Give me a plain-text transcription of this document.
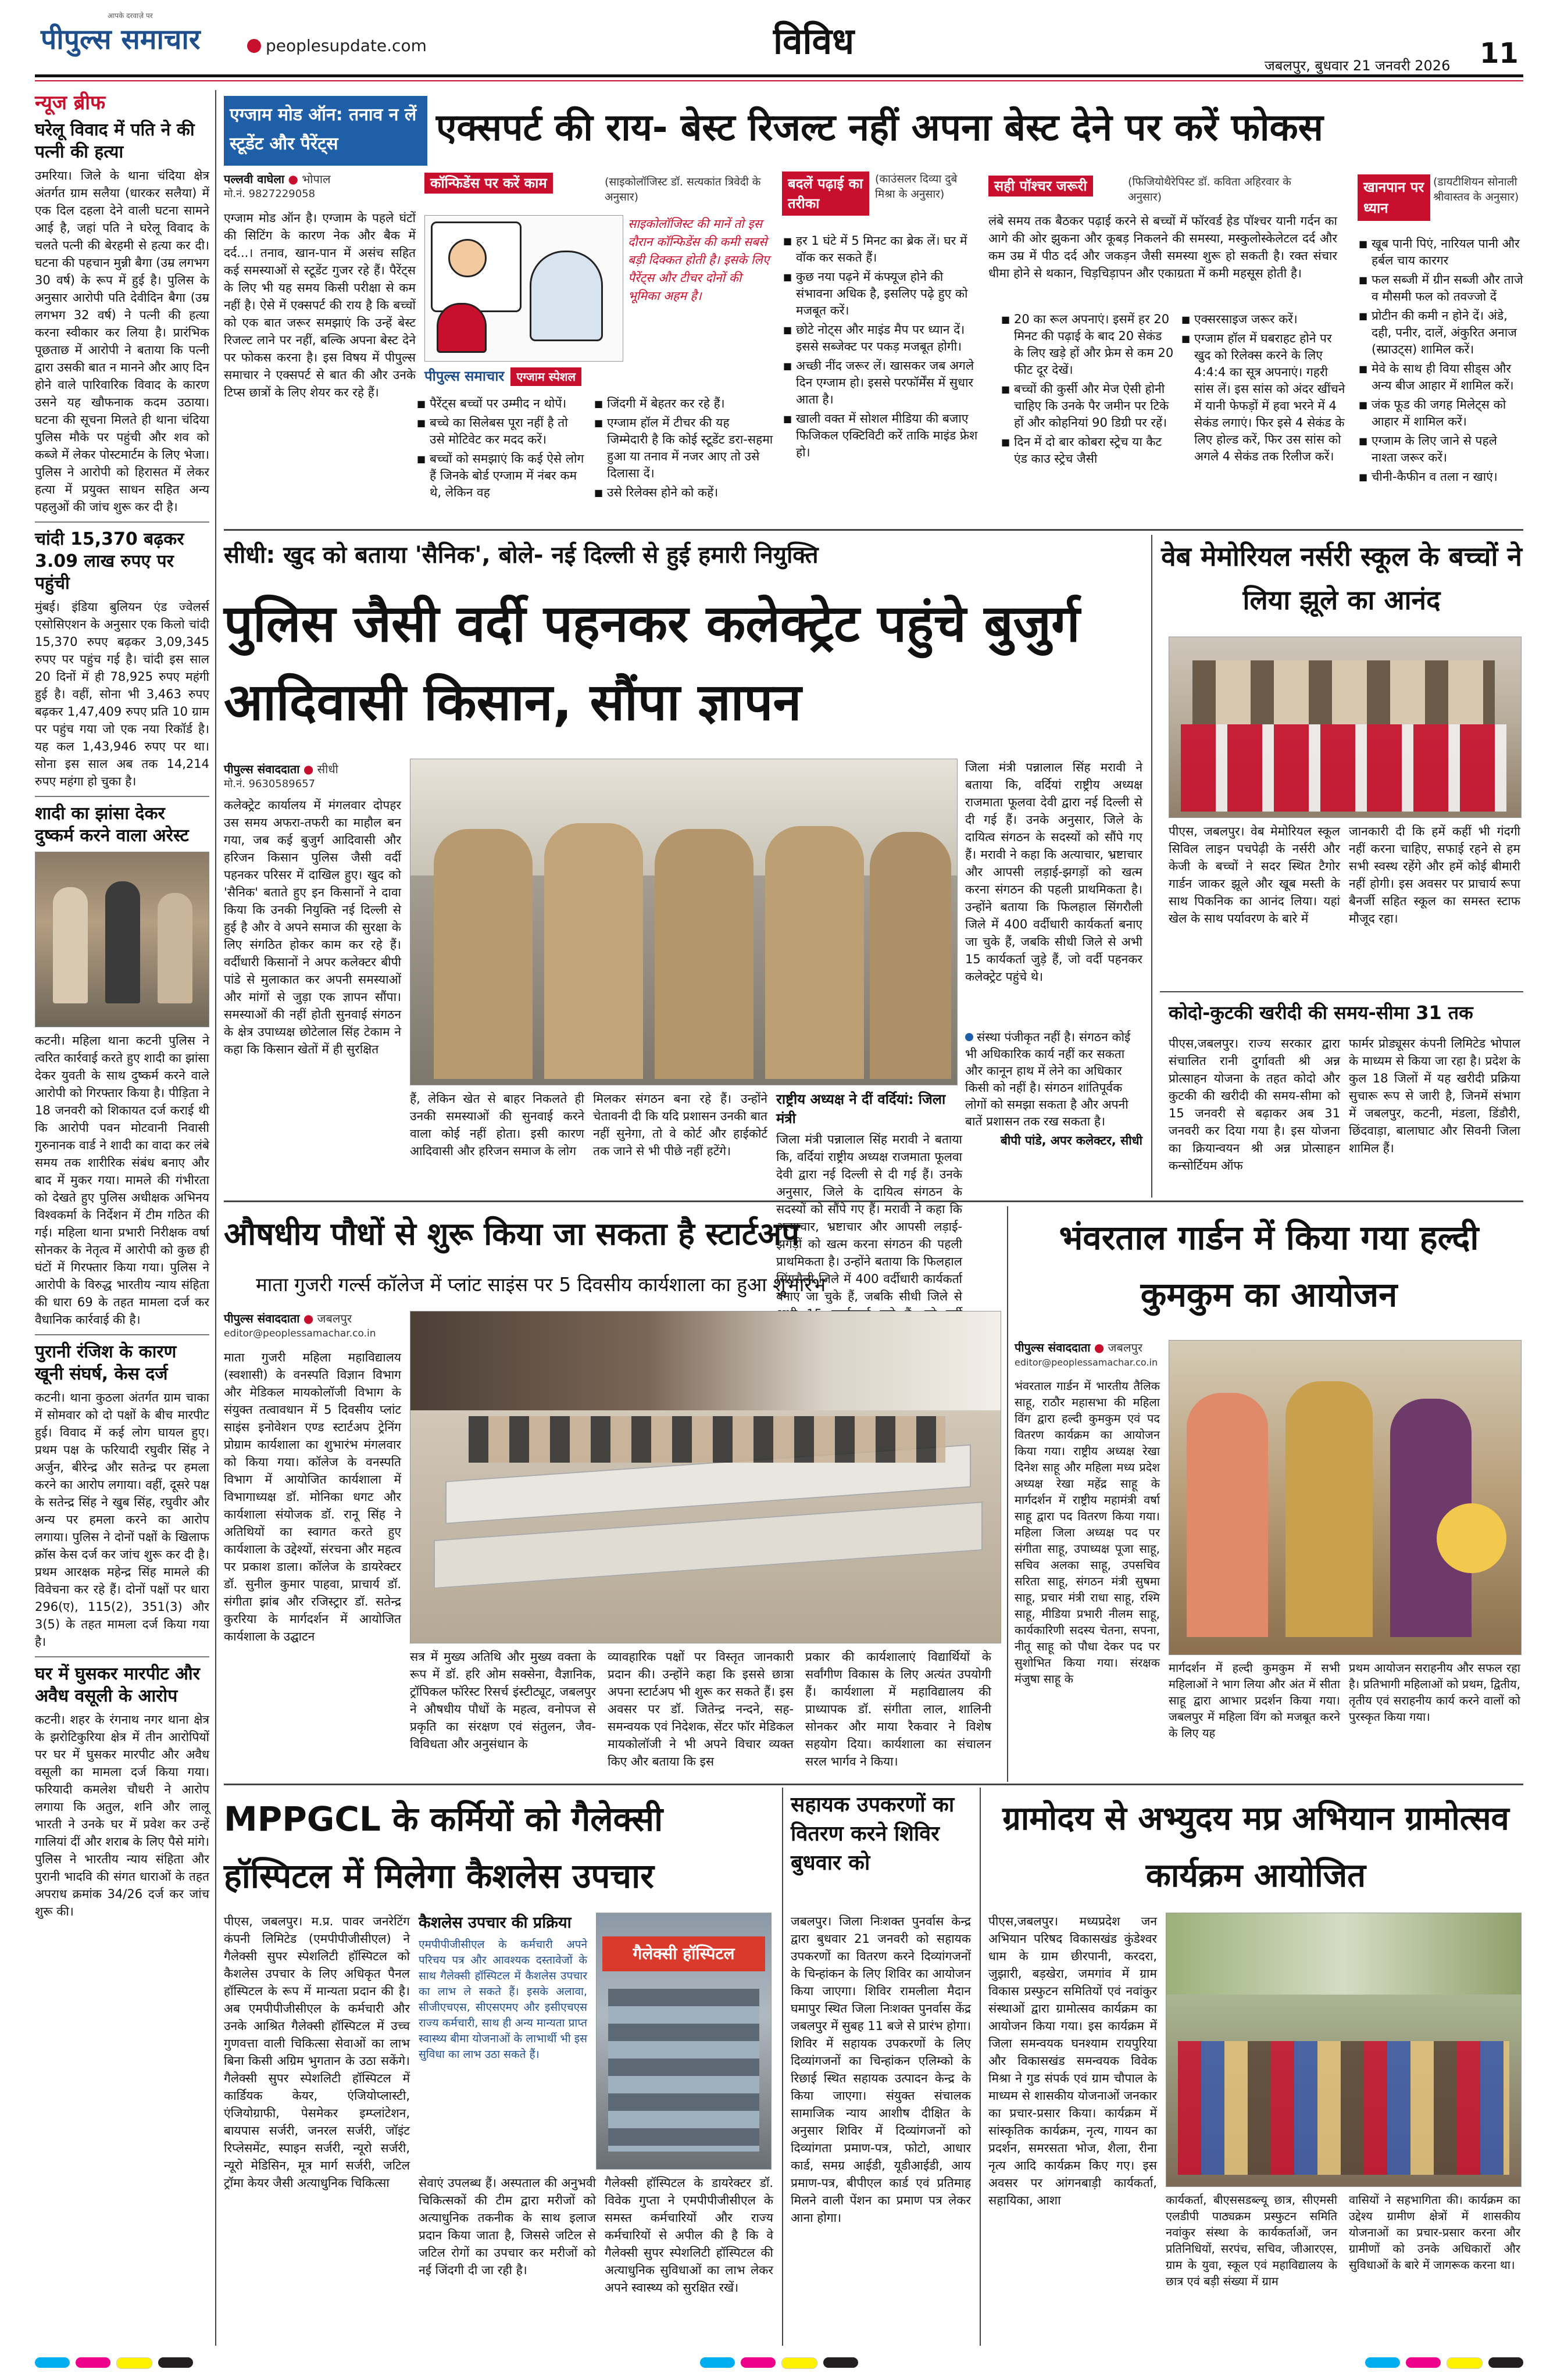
आपके दरवाज़े पर
पीपुल्स समाचार	peoplesupdate.com	विविध
जबलपुर, बुधवार 21 जनवरी 2026 11
न्यूज ब्रीफ
घरेलू विवाद में पति ने की पत्नी की हत्या
उमरिया। जिले के थाना चंदिया क्षेत्र अंतर्गत ग्राम सलैया (धारकर सलैया) में एक दिल दहला देने वाली घटना सामने आई है, जहां पति ने घरेलू विवाद के चलते पत्नी की बेरहमी से हत्या कर दी। घटना की पहचान मुन्नी बैगा (उम्र लगभग 30 वर्ष) के रूप में हुई है। पुलिस के अनुसार आरोपी पति देवीदिन बैगा (उम्र लगभग 32 वर्ष) ने पत्नी की हत्या करना स्वीकार कर लिया है। प्रारंभिक पूछताछ में आरोपी ने बताया कि पत्नी द्वारा उसकी बात न मानने और आए दिन होने वाले पारिवारिक विवाद के कारण उसने यह खौफनाक कदम उठाया। घटना की सूचना मिलते ही थाना चंदिया पुलिस मौके पर पहुंची और शव को कब्जे में लेकर पोस्टमार्टम के लिए भेजा। पुलिस ने आरोपी को हिरासत में लेकर हत्या में प्रयुक्त साधन सहित अन्य पहलुओं की जांच शुरू कर दी है।
चांदी 15,370 बढ़कर 3.09 लाख रुपए पर पहुंची
मुंबई। इंडिया बुलियन एंड ज्वेलर्स एसोसिएशन के अनुसार एक किलो चांदी 15,370 रुपए बढ़कर 3,09,345 रुपए पर पहुंच गई है। चांदी इस साल 20 दिनों में ही 78,925 रुपए महंगी हुई है। वहीं, सोना भी 3,463 रुपए बढ़कर 1,47,409 रुपए प्रति 10 ग्राम पर पहुंच गया जो एक नया रिकॉर्ड है। यह कल 1,43,946 रुपए पर था। सोना इस साल अब तक 14,214 रुपए महंगा हो चुका है।
शादी का झांसा देकर दुष्कर्म करने वाला अरेस्ट
कटनी। महिला थाना कटनी पुलिस ने त्वरित कार्रवाई करते हुए शादी का झांसा देकर युवती के साथ दुष्कर्म करने वाले आरोपी को गिरफ्तार किया है। पीड़िता ने 18 जनवरी को शिकायत दर्ज कराई थी कि आरोपी पवन मोटवानी निवासी गुरुनानक वार्ड ने शादी का वादा कर लंबे समय तक शारीरिक संबंध बनाए और बाद में मुकर गया। मामले की गंभीरता को देखते हुए पुलिस अधीक्षक अभिनय विश्वकर्मा के निर्देशन में टीम गठित की गई। महिला थाना प्रभारी निरीक्षक वर्षा सोनकर के नेतृत्व में आरोपी को कुछ ही घंटों में गिरफ्तार किया गया। पुलिस ने आरोपी के विरुद्ध भारतीय न्याय संहिता की धारा 69 के तहत मामला दर्ज कर वैधानिक कार्रवाई की है।
पुरानी रंजिश के कारण खूनी संघर्ष, केस दर्ज
कटनी। थाना कुठला अंतर्गत ग्राम चाका में सोमवार को दो पक्षों के बीच मारपीट हुई। विवाद में कई लोग घायल हुए। प्रथम पक्ष के फरियादी रघुवीर सिंह ने अर्जुन, बीरेन्द्र और सतेन्द्र पर हमला करने का आरोप लगाया। वहीं, दूसरे पक्ष के सतेन्द्र सिंह ने खुब सिंह, रघुवीर और अन्य पर हमला करने का आरोप लगाया। पुलिस ने दोनों पक्षों के खिलाफ क्रॉस केस दर्ज कर जांच शुरू कर दी है। प्रथम आरक्षक महेन्द्र सिंह मामले की विवेचना कर रहे हैं। दोनों पक्षों पर धारा 296(ए), 115(2), 351(3) और 3(5) के तहत मामला दर्ज किया गया है।
घर में घुसकर मारपीट और अवैध वसूली के आरोप
कटनी। शहर के रंगनाथ नगर थाना क्षेत्र के झरोटिकुरिया क्षेत्र में तीन आरोपियों पर घर में घुसकर मारपीट और अवैध वसूली का मामला दर्ज किया गया। फरियादी कमलेश चौधरी ने आरोप लगाया कि अतुल, शनि और लालू भारती ने उनके घर में प्रवेश कर उन्हें गालियां दीं और शराब के लिए पैसे मांगे। पुलिस ने भारतीय न्याय संहिता और पुरानी भादवि की संगत धाराओं के तहत अपराध क्रमांक 34/26 दर्ज कर जांच शुरू की।
एग्जाम मोड ऑन: तनाव न लें स्टूडेंट और पैरेंट्स	एक्सपर्ट की राय- बेस्ट रिजल्ट नहीं अपना बेस्ट देने पर करें फोकस
पल्लवी वाघेला ● भोपाल
मो.नं. 9827229058
एग्जाम मोड ऑन है। एग्जाम के पहले घंटों की सिटिंग के कारण नेक और बैक में दर्द...। तनाव, खान-पान में असंच सहित कई समस्याओं से स्टूडेंट गुजर रहे हैं। पैरेंट्स के लिए भी यह समय किसी परीक्षा से कम नहीं है। ऐसे में एक्सपर्ट की राय है कि बच्चों को एक बात जरूर समझाएं कि उन्हें बेस्ट रिजल्ट लाने पर नहीं, बल्कि अपना बेस्ट देने पर फोकस करना है। इस विषय में पीपुल्स समाचार ने एक्सपर्ट से बात की और उनके टिप्स छात्रों के लिए शेयर कर रहे हैं।
कॉन्फिडेंस पर करें काम	(साइकोलॉजिस्ट डॉ. सत्यकांत त्रिवेदी के अनुसार)
पीपुल्स समाचार एग्जाम स्पेशल
साइकोलॉजिस्ट की मानें तो इस दौरान कॉन्फिडेंस की कमी सबसे बड़ी दिक्कत होती है। इसके लिए पैरेंट्स और टीचर दोनों की भूमिका अहम है।
■ पैरेंट्स बच्चों पर उम्मीद न थोपें।
■ बच्चे का सिलेबस पूरा नहीं है तो उसे मोटिवेट कर मदद करें।
■ बच्चों को समझाएं कि कई ऐसे लोग हैं जिनके बोर्ड एग्जाम में नंबर कम थे, लेकिन वह
■ जिंदगी में बेहतर कर रहे हैं।
■ एग्जाम हॉल में टीचर की यह जिम्मेदारी है कि कोई स्टूडेंट डरा-सहमा हुआ या तनाव में नजर आए तो उसे दिलासा दें।
■ उसे रिलेक्स होने को कहें।
बदलें पढ़ाई का तरीका
(काउंसलर दिव्या दुबे मिश्रा के अनुसार)
■ हर 1 घंटे में 5 मिनट का ब्रेक लें। घर में वॉक कर सकते हैं।
■ कुछ नया पढ़ने में कंफ्यूज होने की संभावना अधिक है, इसलिए पढ़े हुए को मजबूत करें।
■ छोटे नोट्स और माइंड मैप पर ध्यान दें। इससे सब्जेक्ट पर पकड़ मजबूत होगी।
■ अच्छी नींद जरूर लें। खासकर जब अगले दिन एग्जाम हो। इससे परफॉर्मेंस में सुधार आता है।
■ खाली वक्त में सोशल मीडिया की बजाए फिजिकल एक्टिविटी करें ताकि माइंड फ्रेश हो।
सही पॉश्चर जरूरी	(फिजियोथैरेपिस्ट डॉ. कविता अहिरवार के अनुसार)
लंबे समय तक बैठकर पढ़ाई करने से बच्चों में फॉरवर्ड हेड पॉश्चर यानी गर्दन का आगे की ओर झुकना और कूबड़ निकलने की समस्या, मस्कुलोस्केलेटल दर्द और कम उम्र में पीठ दर्द और जकड़न जैसी समस्या शुरू हो सकती है। रक्त संचार धीमा होने से थकान, चिड़चिड़ापन और एकाग्रता में कमी महसूस होती है।
■ 20 का रूल अपनाएं। इसमें हर 20 मिनट की पढ़ाई के बाद 20 सेकंड के लिए खड़े हों और फ्रेम से कम 20 फीट दूर देखें।
■ बच्चों की कुर्सी और मेज ऐसी होनी चाहिए कि उनके पैर जमीन पर टिके हों और कोहनियां 90 डिग्री पर रहें।
■ दिन में दो बार कोबरा स्ट्रेच या कैट एंड काउ स्ट्रेच जैसी
■ एक्सरसाइज जरूर करें।
■ एग्जाम हॉल में घबराहट होने पर खुद को रिलेक्स करने के लिए 4:4:4 का सूत्र अपनाएं। गहरी सांस लें। इस सांस को अंदर खींचने में यानी फेफड़ों में हवा भरने में 4 सेकंड लगाएं। फिर इसे 4 सेकंड के लिए होल्ड करें, फिर उस सांस को अगले 4 सेकंड तक रिलीज करें।
खानपान पर ध्यान
(डायटीशियन सोनाली श्रीवास्तव के अनुसार)
■ खूब पानी पिएं, नारियल पानी और हर्बल चाय कारगर
■ फल सब्जी में ग्रीन सब्जी और ताजे व मौसमी फल को तवज्जो दें
■ प्रोटीन की कमी न होने दें। अंडे, दही, पनीर, दालें, अंकुरित अनाज (स्प्राउट्स) शामिल करें।
■ मेवे के साथ ही विया सीड्स और अन्य बीज आहार में शामिल करें।
■ जंक फूड की जगह मिलेट्स को आहार में शामिल करें।
■ एग्जाम के लिए जाने से पहले नाश्ता जरूर करें।
■ चीनी-कैफीन व तला न खाएं।
सीधी: खुद को बताया 'सैनिक', बोले- नई दिल्ली से हुई हमारी नियुक्ति
पुलिस जैसी वर्दी पहनकर कलेक्ट्रेट पहुंचे बुजुर्ग आदिवासी किसान, सौंपा ज्ञापन
पीपुल्स संवाददाता ● सीधी
मो.नं. 9630589657
कलेक्ट्रेट कार्यालय में मंगलवार दोपहर उस समय अफरा-तफरी का माहौल बन गया, जब कई बुजुर्ग आदिवासी और हरिजन किसान पुलिस जैसी वर्दी पहनकर परिसर में दाखिल हुए। खुद को 'सैनिक' बताते हुए इन किसानों ने दावा किया कि उनकी नियुक्ति नई दिल्ली से हुई है और वे अपने समाज की सुरक्षा के लिए संगठित होकर काम कर रहे हैं। वर्दीधारी किसानों ने अपर कलेक्टर बीपी पांडे से मुलाकात कर अपनी समस्याओं और मांगों से जुड़ा एक ज्ञापन सौंपा। समस्याओं की नहीं होती सुनवाई संगठन के क्षेत्र उपाध्यक्ष छोटेलाल सिंह टेकाम ने कहा कि किसान खेतों में ही सुरक्षित
हैं, लेकिन खेत से बाहर निकलते ही उनकी समस्याओं की सुनवाई करने वाला कोई नहीं होता। इसी कारण आदिवासी और हरिजन समाज के लोग
मिलकर संगठन बना रहे हैं। उन्होंने चेतावनी दी कि यदि प्रशासन उनकी बात नहीं सुनेगा, तो वे कोर्ट और हाईकोर्ट तक जाने से भी पीछे नहीं हटेंगे।
राष्ट्रीय अध्यक्ष ने दीं वर्दियां: जिला मंत्री
जिला मंत्री पन्नालाल सिंह मरावी ने बताया कि, वर्दियां राष्ट्रीय अध्यक्ष राजमाता फूलवा देवी द्वारा नई दिल्ली से दी गई हैं। उनके अनुसार, जिले के दायित्व संगठन के सदस्यों को सौंपे गए हैं। मरावी ने कहा कि अत्याचार, भ्रष्टाचार और आपसी लड़ाई-झगड़ों को खत्म करना संगठन की पहली प्राथमिकता है। उन्होंने बताया कि फिलहाल सिंगरौली जिले में 400 वर्दीधारी कार्यकर्ता बनाए जा चुके हैं, जबकि सीधी जिले से
जिला मंत्री पन्नालाल सिंह मरावी ने बताया कि, वर्दियां राष्ट्रीय अध्यक्ष राजमाता फूलवा देवी द्वारा नई दिल्ली से दी गई हैं। उनके अनुसार, जिले के दायित्व संगठन के सदस्यों को सौंपे गए हैं। मरावी ने कहा कि अत्याचार, भ्रष्टाचार और आपसी लड़ाई-झगड़ों को खत्म करना संगठन की पहली प्राथमिकता है। उन्होंने बताया कि फिलहाल सिंगरौली जिले में 400 वर्दीधारी कार्यकर्ता बनाए जा चुके हैं, जबकि सीधी जिले से अभी 15 कार्यकर्ता जुड़े हैं, जो वर्दी पहनकर कलेक्ट्रेट पहुंचे थे।
संस्था पंजीकृत नहीं है। संगठन कोई भी अधिकारिक कार्य नहीं कर सकता और कानून हाथ में लेने का अधिकार किसी को नहीं है। संगठन शांतिपूर्वक लोगों को समझा सकता है और अपनी बातें प्रशासन तक रख सकता है।
बीपी पांडे, अपर कलेक्टर, सीधी
वेब मेमोरियल नर्सरी स्कूल के बच्चों ने लिया झूले का आनंद
पीएस, जबलपुर। वेब मेमोरियल स्कूल सिविल लाइन पचपेढ़ी के नर्सरी और केजी के बच्चों ने सदर स्थित टैगोर गार्डन जाकर झूले और खूब मस्ती के साथ पिकनिक का आनंद लिया। यहां खेल के साथ पर्यावरण के बारे में
जानकारी दी कि हमें कहीं भी गंदगी नहीं करना चाहिए, सफाई रहने से हम सभी स्वस्थ रहेंगे और हमें कोई बीमारी नहीं होगी। इस अवसर पर प्राचार्य रूपा बैनर्जी सहित स्कूल का समस्त स्टाफ मौजूद रहा।
कोदो-कुटकी खरीदी की समय-सीमा 31 तक
पीएस,जबलपुर। राज्य सरकार द्वारा संचालित रानी दुर्गावती श्री अन्न प्रोत्साहन योजना के तहत कोदो और कुटकी की खरीदी की समय-सीमा को 15 जनवरी से बढ़ाकर अब 31 जनवरी कर दिया गया है। इस योजना का क्रियान्वयन श्री अन्न प्रोत्साहन कन्सोर्टियम ऑफ
फार्मर प्रोड्यूसर कंपनी लिमिटेड भोपाल के माध्यम से किया जा रहा है। प्रदेश के कुल 18 जिलों में यह खरीदी प्रक्रिया सुचारू रूप से जारी है, जिनमें संभाग में जबलपुर, कटनी, मंडला, डिंडौरी, छिंदवाड़ा, बालाघाट और सिवनी जिला शामिल हैं।
औषधीय पौधों से शुरू किया जा सकता है स्टार्टअप
माता गुजरी गर्ल्स कॉलेज में प्लांट साइंस पर 5 दिवसीय कार्यशाला का हुआ शुभारंभ
पीपुल्स संवाददाता ● जबलपुर
editor@peoplessamachar.co.in
माता गुजरी महिला महाविद्यालय (स्वशासी) के वनस्पति विज्ञान विभाग और मेडिकल मायकोलॉजी विभाग के संयुक्त तत्वावधान में 5 दिवसीय प्लांट साइंस इनोवेशन एण्ड स्टार्टअप ट्रेनिंग प्रोग्राम कार्यशाला का शुभारंभ मंगलवार को किया गया। कॉलेज के वनस्पति विभाग में आयोजित कार्यशाला में विभागाध्यक्ष डॉ. मोनिका धगट और कार्यशाला संयोजक डॉ. रानू सिंह ने अतिथियों का स्वागत करते हुए कार्यशाला के उद्देश्यों, संरचना और महत्व पर प्रकाश डाला। कॉलेज के डायरेक्टर डॉ. सुनील कुमार पाहवा, प्राचार्य डॉ. संगीता झांब और रजिस्ट्रार डॉ. सतेन्द्र कुररिया के मार्गदर्शन में आयोजित कार्यशाला के उद्घाटन
सत्र में मुख्य अतिथि और मुख्य वक्ता के रूप में डॉ. हरि ओम सक्सेना, वैज्ञानिक, ट्रॉपिकल फॉरेस्ट रिसर्च इंस्टीट्यूट, जबलपुर ने औषधीय पौधों के महत्व, वनोपज से प्रकृति का संरक्षण एवं संतुलन, जैव-विविधता और अनुसंधान के
व्यावहारिक पक्षों पर विस्तृत जानकारी प्रदान की। उन्होंने कहा कि इससे छात्रा अपना स्टार्टअप भी शुरू कर सकते हैं। इस अवसर पर डॉ. जितेन्द्र नन्दने, सह-समन्वयक एवं निदेशक, सेंटर फॉर मेडिकल मायकोलॉजी ने भी अपने विचार व्यक्त किए और बताया कि इस
प्रकार की कार्यशालाएं विद्यार्थियों के सर्वांगीण विकास के लिए अत्यंत उपयोगी हैं। कार्यशाला में महाविद्यालय की प्राध्यापक डॉ. संगीता लाल, शालिनी सोनकर और माया रैकवार ने विशेष सहयोग दिया। कार्यशाला का संचालन सरल भार्गव ने किया।
भंवरताल गार्डन में किया गया हल्दी कुमकुम का आयोजन
पीपुल्स संवाददाता ● जबलपुर
editor@peoplessamachar.co.in
भंवरताल गार्डन में भारतीय तैलिक साहू, राठौर महासभा की महिला विंग द्वारा हल्दी कुमकुम एवं पद वितरण कार्यक्रम का आयोजन किया गया। राष्ट्रीय अध्यक्ष रेखा दिनेश साहू और महिला मध्य प्रदेश अध्यक्ष रेखा महेंद्र साहू के मार्गदर्शन में राष्ट्रीय महामंत्री वर्षा साहू द्वारा पद वितरण किया गया। महिला जिला अध्यक्ष पद पर संगीता साहू, उपाध्यक्ष पूजा साहू, सचिव अलका साहू, उपसचिव सरिता साहू, संगठन मंत्री सुषमा साहू, प्रचार मंत्री राधा साहू, रश्मि साहू, मीडिया प्रभारी नीलम साहू, कार्यकारिणी सदस्य चेतना, सपना, नीतू साहू को पौधा देकर पद पर सुशोभित किया गया। संरक्षक मंजुषा साहू के
मार्गदर्शन में हल्दी कुमकुम में सभी महिलाओं ने भाग लिया और अंत में सीता साहू द्वारा आभार प्रदर्शन किया गया। जबलपुर में महिला विंग को मजबूत करने के लिए यह
प्रथम आयोजन सराहनीय और सफल रहा है। प्रतिभागी महिलाओं को प्रथम, द्वितीय, तृतीय एवं सराहनीय कार्य करने वालों को पुरस्कृत किया गया।
MPPGCL के कर्मियों को गैलेक्सी हॉस्पिटल में मिलेगा कैशलेस उपचार
पीएस, जबलपुर। म.प्र. पावर जनरेटिंग कंपनी लिमिटेड (एमपीपीजीसीएल) ने गैलेक्सी सुपर स्पेशलिटी हॉस्पिटल को कैशलेस उपचार के लिए अधिकृत पैनल हॉस्पिटल के रूप में मान्यता प्रदान की है। अब एमपीपीजीसीएल के कर्मचारी और उनके आश्रित गैलेक्सी हॉस्पिटल में उच्च गुणवत्ता वाली चिकित्सा सेवाओं का लाभ बिना किसी अग्रिम भुगतान के उठा सकेंगे। गैलेक्सी सुपर स्पेशलिटी हॉस्पिटल में कार्डियक केयर, एंजियोप्लास्टी, एंजियोग्राफी, पेसमेकर इम्प्लांटेशन, बायपास सर्जरी, जनरल सर्जरी, जॉइंट रिप्लेसमेंट, स्पाइन सर्जरी, न्यूरो सर्जरी, न्यूरो मेडिसिन, मूत्र मार्ग सर्जरी, जटिल ट्रॉमा केयर जैसी अत्याधुनिक चिकित्सा
कैशलेस उपचार की प्रक्रिया
एमपीपीजीसीएल के कर्मचारी अपने परिचय पत्र और आवश्यक दस्तावेजों के साथ गैलेक्सी हॉस्पिटल में कैशलेस उपचार का लाभ ले सकते हैं। इसके अलावा, सीजीएचएस, सीएसएमए और इसीएचएस राज्य कर्मचारी, साथ ही अन्य मान्यता प्राप्त स्वास्थ्य बीमा योजनाओं के लाभार्थी भी इस सुविधा का लाभ उठा सकते हैं।
गैलेक्सी हॉस्पिटल
सेवाएं उपलब्ध हैं। अस्पताल की अनुभवी चिकित्सकों की टीम द्वारा मरीजों को अत्याधुनिक तकनीक के साथ इलाज प्रदान किया जाता है, जिससे जटिल से जटिल रोगों का उपचार कर मरीजों को नई जिंदगी दी जा रही है।
गैलेक्सी हॉस्पिटल के डायरेक्टर डॉ. विवेक गुप्ता ने एमपीपीजीसीएल के समस्त कर्मचारियों और राज्य कर्मचारियों से अपील की है कि वे गैलेक्सी सुपर स्पेशलिटी हॉस्पिटल की अत्याधुनिक सुविधाओं का लाभ लेकर अपने स्वास्थ्य को सुरक्षित रखें।
सहायक उपकरणों का वितरण करने शिविर बुधवार को
जबलपुर। जिला निःशक्त पुनर्वास केन्द्र द्वारा बुधवार 21 जनवरी को सहायक उपकरणों का वितरण करने दिव्यांगजनों के चिन्हांकन के लिए शिविर का आयोजन किया जाएगा। शिविर रामलीला मैदान घमापुर स्थित जिला निःशक्त पुनर्वास केंद्र जबलपुर में सुबह 11 बजे से प्रारंभ होगा। शिविर में सहायक उपकरणों के लिए दिव्यांगजनों का चिन्हांकन एलिम्को के रिछाई स्थित सहायक उत्पादन केन्द्र के किया जाएगा। संयुक्त संचालक सामाजिक न्याय आशीष दीक्षित के अनुसार शिविर में दिव्यांगजनों को दिव्यांगता प्रमाण-पत्र, फोटो, आधार कार्ड, समग्र आईडी, यूडीआईडी, आय प्रमाण-पत्र, बीपीएल कार्ड एवं प्रतिमाह मिलने वाली पेंशन का प्रमाण पत्र लेकर आना होगा।
ग्रामोदय से अभ्युदय मप्र अभियान ग्रामोत्सव कार्यक्रम आयोजित
पीएस,जबलपुर। मध्यप्रदेश जन अभियान परिषद विकासखंड कुंडेश्वर धाम के ग्राम छीरपानी, करदरा, जुझारी, बड़खेरा, जमगांव में ग्राम विकास प्रस्फुटन समितियों एवं नवांकुर संस्थाओं द्वारा ग्रामोत्सव कार्यक्रम का आयोजन किया गया। इस कार्यक्रम में जिला समन्वयक घनश्याम रायपुरिया और विकासखंड समन्वयक विवेक मिश्रा ने गुड संपर्क एवं ग्राम चौपाल के माध्यम से शासकीय योजनाओं जनकार का प्रचार-प्रसार किया। कार्यक्रम में सांस्कृतिक कार्यक्रम, नृत्य, गायन का प्रदर्शन, समरसता भोज, शैला, रीना नृत्य आदि कार्यक्रम किए गए। इस अवसर पर आंगनबाड़ी कार्यकर्ता, सहायिका, आशा	कार्यकर्ता, बीएससडब्ल्यू छात्र, सीएमसी एलडीपी पाठ्यक्रम प्रस्फुटन समिति नवांकुर संस्था के कार्यकर्ताओं, जन प्रतिनिधियों, सरपंच, सचिव, जीआरएस, ग्राम के युवा, स्कूल एवं महाविद्यालय के छात्र एवं बड़ी संख्या में ग्राम
वासियों ने सहभागिता की। कार्यक्रम का उद्देश्य ग्रामीण क्षेत्रों में शासकीय योजनाओं का प्रचार-प्रसार करना और ग्रामीणों को उनके अधिकारों और सुविधाओं के बारे में जागरूक करना था।
